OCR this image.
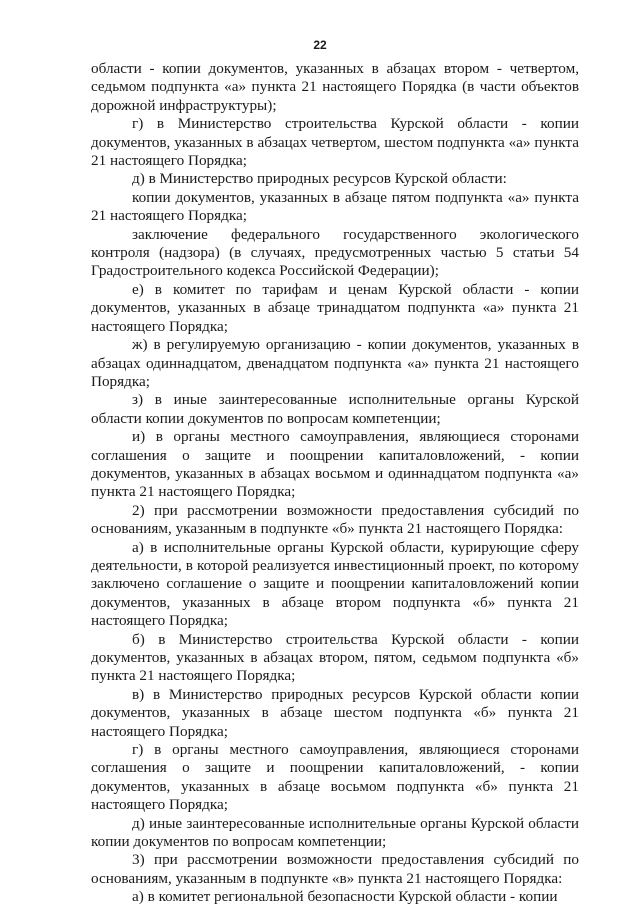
22

области - копии документов, указанных в абзацах втором - четвертом, седьмом подпункта «а» пункта 21 настоящего Порядка (в части объектов дорожной инфраструктуры);

г) в Министерство строительства Курской области - копии документов, указанных в абзацах четвертом, шестом подпункта «а» пункта 21 настоящего Порядка;

д) в Министерство природных ресурсов Курской области:

копии документов, указанных в абзаце пятом подпункта «а» пункта 21 настоящего Порядка;

заключение федерального государственного экологического контроля (надзора) (в случаях, предусмотренных частью 5 статьи 54 Градостроительного кодекса Российской Федерации);

е) в комитет по тарифам и ценам Курской области - копии документов, указанных в абзаце тринадцатом подпункта «а» пункта 21 настоящего Порядка;

ж) в регулируемую организацию - копии документов, указанных в абзацах одиннадцатом, двенадцатом подпункта «а» пункта 21 настоящего Порядка;

з) в иные заинтересованные исполнительные органы Курской области копии документов по вопросам компетенции;

и) в органы местного самоуправления, являющиеся сторонами соглашения о защите и поощрении капиталовложений, - копии документов, указанных в абзацах восьмом и одиннадцатом подпункта «а» пункта 21 настоящего Порядка;

2) при рассмотрении возможности предоставления субсидий по основаниям, указанным в подпункте «б» пункта 21 настоящего Порядка:

а) в исполнительные органы Курской области, курирующие сферу деятельности, в которой реализуется инвестиционный проект, по которому заключено соглашение о защите и поощрении капиталовложений копии документов, указанных в абзаце втором подпункта «б» пункта 21 настоящего Порядка;

б) в Министерство строительства Курской области - копии документов, указанных в абзацах втором, пятом, седьмом подпункта «б» пункта 21 настоящего Порядка;

в) в Министерство природных ресурсов Курской области копии документов, указанных в абзаце шестом подпункта «б» пункта 21 настоящего Порядка;

г) в органы местного самоуправления, являющиеся сторонами соглашения о защите и поощрении капиталовложений, - копии документов, указанных в абзаце восьмом подпункта «б» пункта 21 настоящего Порядка;

д) иные заинтересованные исполнительные органы Курской области копии документов по вопросам компетенции;

3) при рассмотрении возможности предоставления субсидий по основаниям, указанным в подпункте «в» пункта 21 настоящего Порядка:

а) в комитет региональной безопасности Курской области - копии
